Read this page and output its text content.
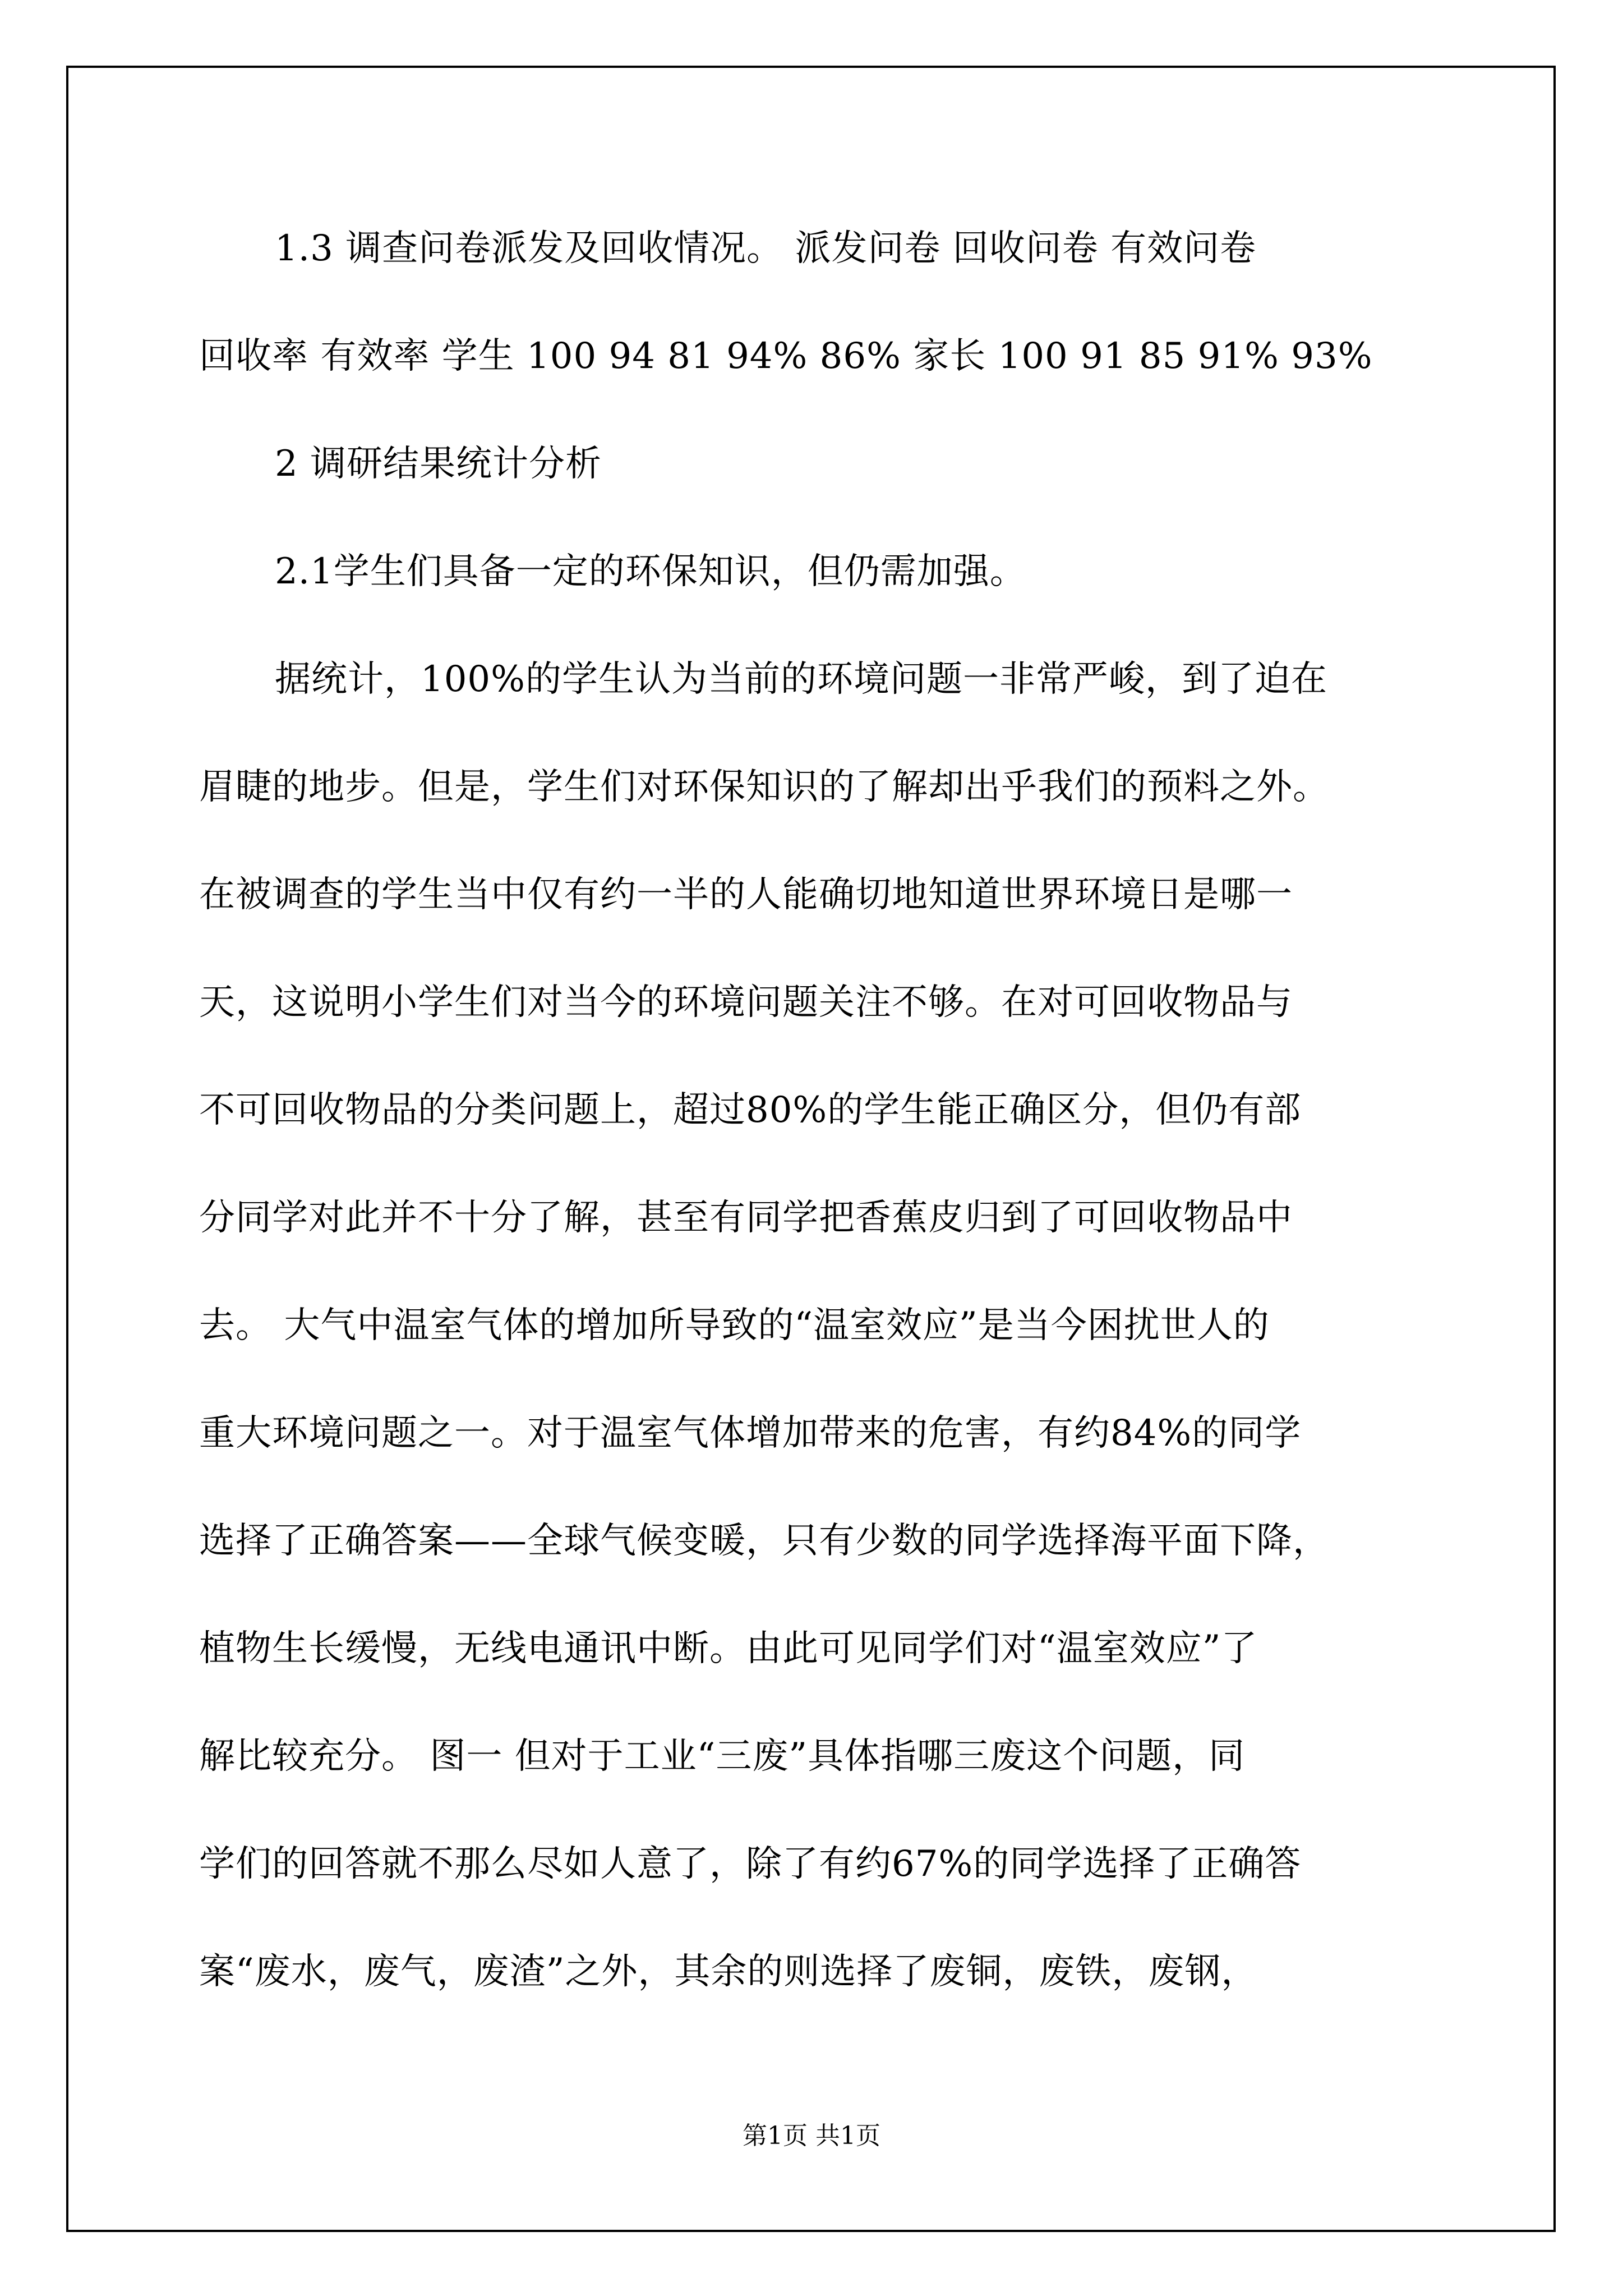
1.3 调查问卷派发及回收情况。 派发问卷 回收问卷 有效问卷
回收率 有效率 学生 100 94 81 94% 86% 家长 100 91 85 91% 93%
2 调研结果统计分析
2.1学生们具备一定的环保知识，但仍需加强。
据统计，100%的学生认为当前的环境问题一非常严峻，到了迫在
眉睫的地步。但是，学生们对环保知识的了解却出乎我们的预料之外。
在被调查的学生当中仅有约一半的人能确切地知道世界环境日是哪一
天，这说明小学生们对当今的环境问题关注不够。在对可回收物品与
不可回收物品的分类问题上，超过80%的学生能正确区分，但仍有部
分同学对此并不十分了解，甚至有同学把香蕉皮归到了可回收物品中
去。 大气中温室气体的增加所导致的“温室效应”是当今困扰世人的
重大环境问题之一。对于温室气体增加带来的危害，有约84%的同学
选择了正确答案——全球气候变暖，只有少数的同学选择海平面下降，
植物生长缓慢，无线电通讯中断。由此可见同学们对“温室效应”了
解比较充分。 图一 但对于工业“三废”具体指哪三废这个问题，同
学们的回答就不那么尽如人意了，除了有约67%的同学选择了正确答
案“废水，废气，废渣”之外，其余的则选择了废铜，废铁，废钢，
第1页 共1页
